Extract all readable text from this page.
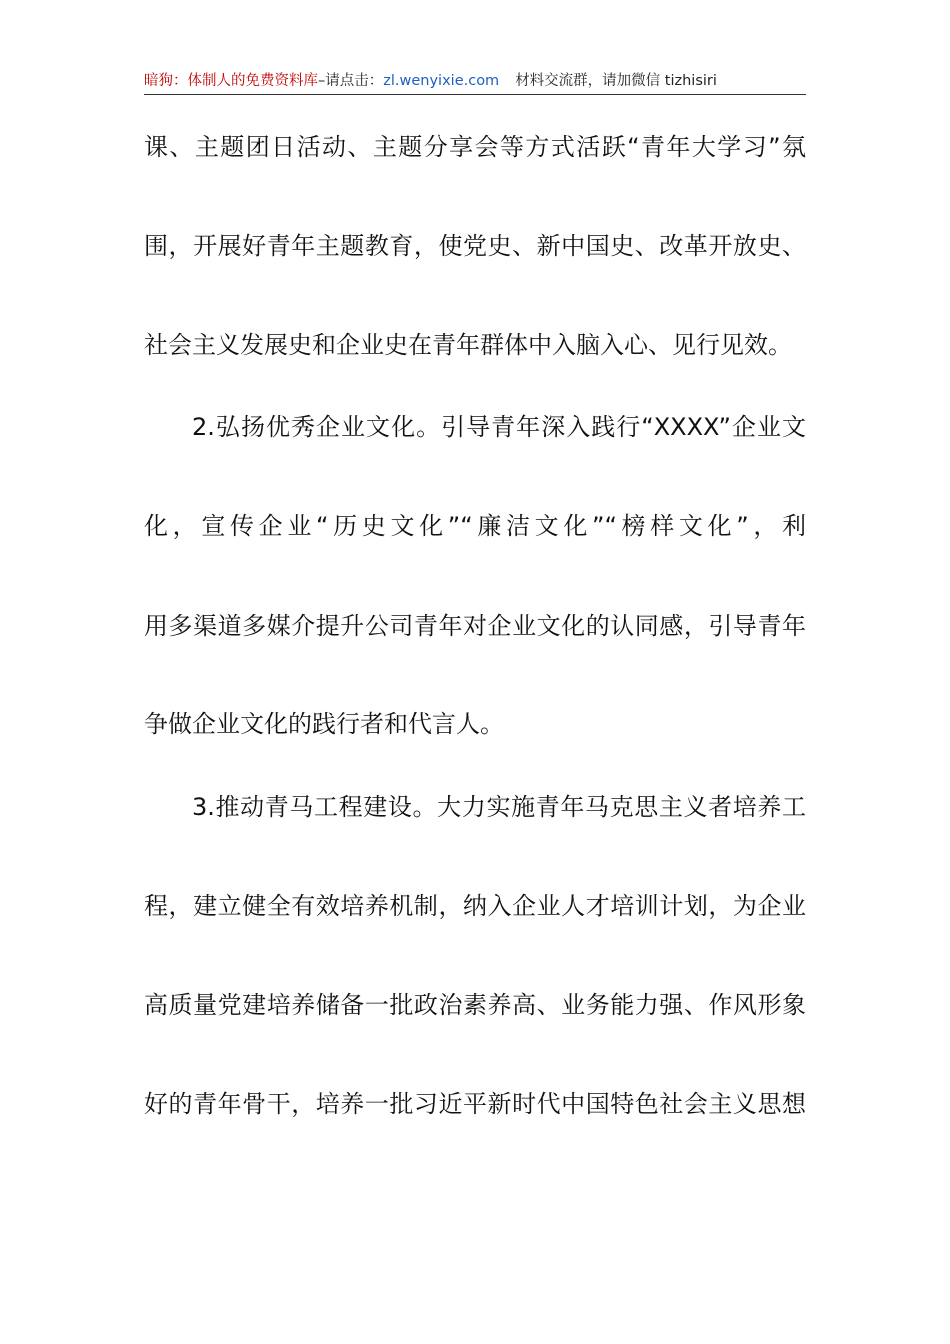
暗狗：体制人的免费资料库–请点击：zl.wenyixie.com 材料交流群，请加微信 tizhisiri
课、主题团日活动、主题分享会等方式活跃“青年大学习”氛
围，开展好青年主题教育，使党史、新中国史、改革开放史、
社会主义发展史和企业史在青年群体中入脑入心、见行见效。
2.弘扬优秀企业文化。引导青年深入践行“XXXX”企业文
化，宣传企业“历史文化”“廉洁文化”“榜样文化”，利
用多渠道多媒介提升公司青年对企业文化的认同感，引导青年
争做企业文化的践行者和代言人。
3.推动青马工程建设。大力实施青年马克思主义者培养工
程，建立健全有效培养机制，纳入企业人才培训计划，为企业
高质量党建培养储备一批政治素养高、业务能力强、作风形象
好的青年骨干，培养一批习近平新时代中国特色社会主义思想
